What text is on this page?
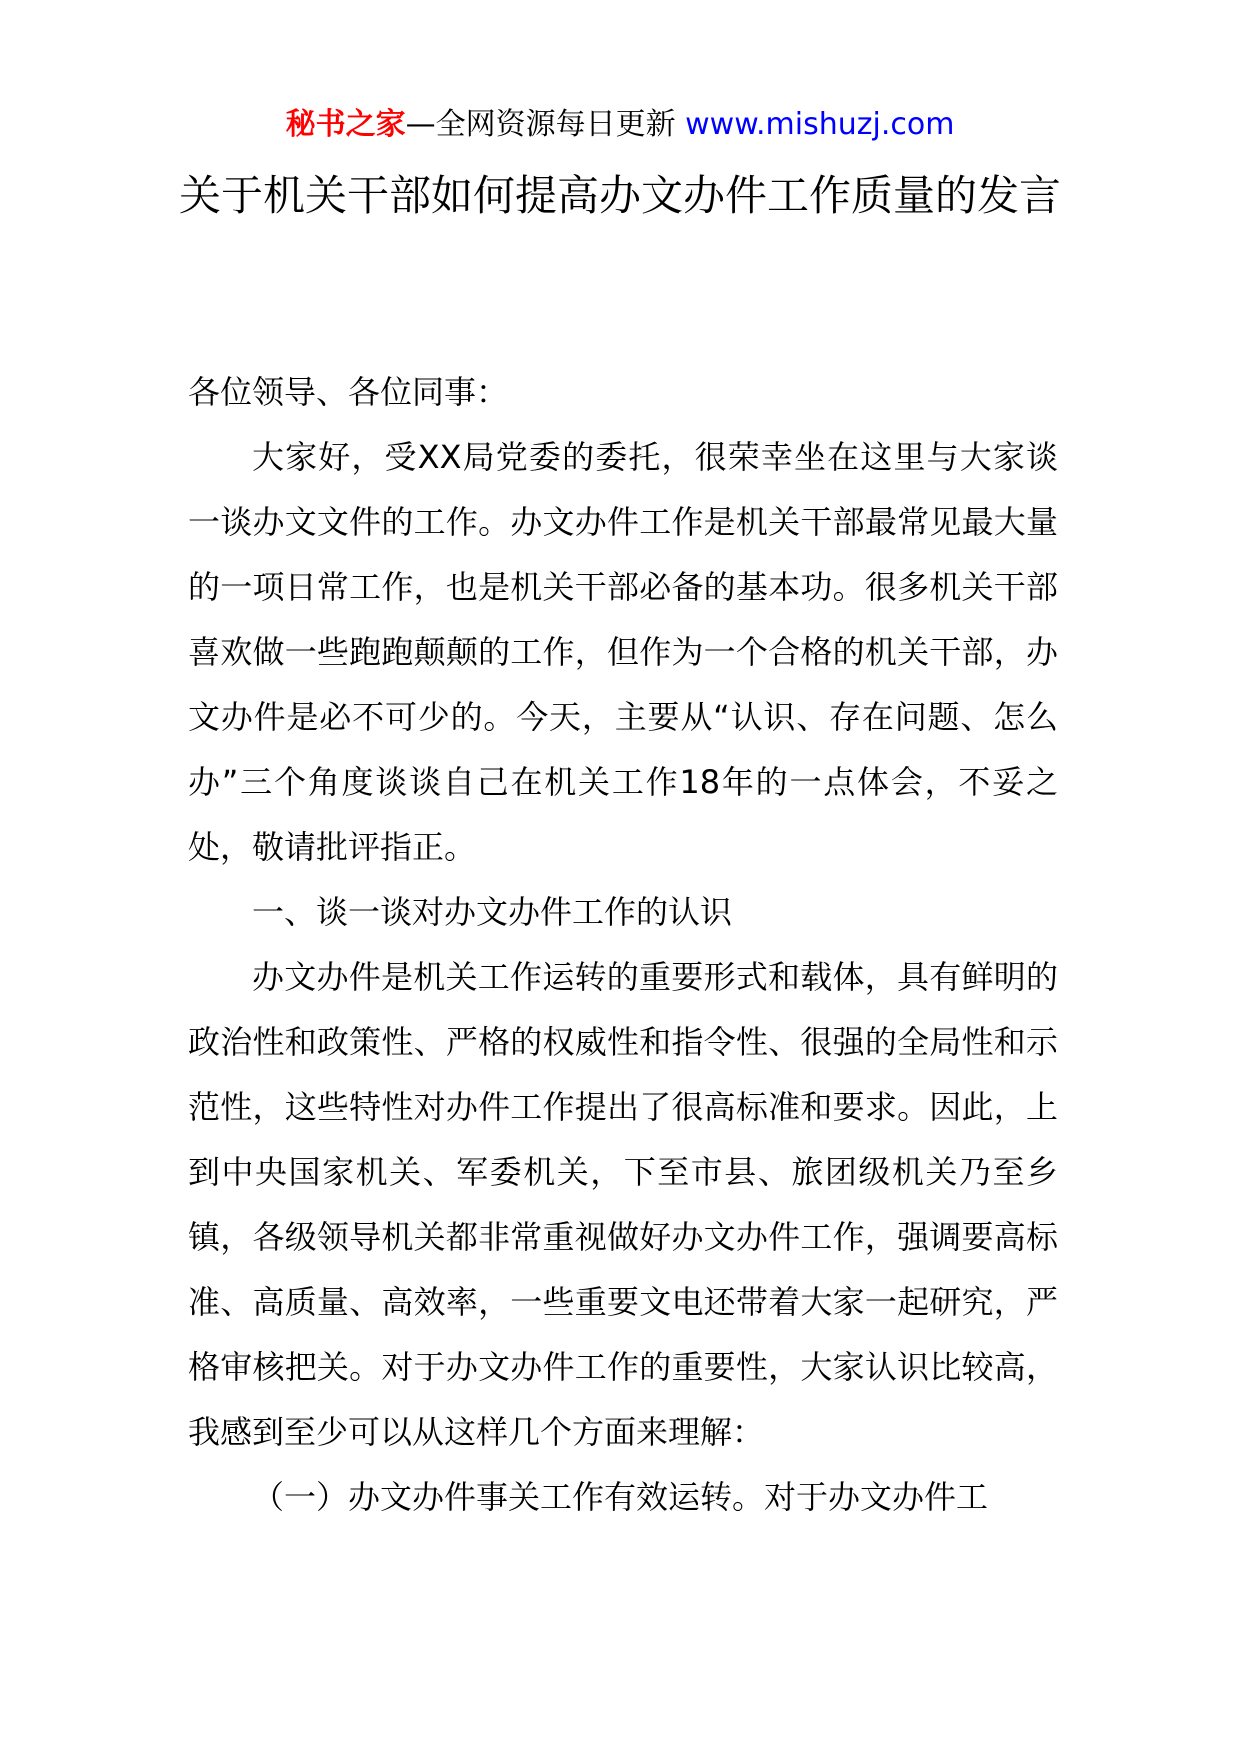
秘书之家—全网资源每日更新 www.mishuzj.com
关于机关干部如何提高办文办件工作质量的发言

各位领导、各位同事：

大家好，受XX局党委的委托，很荣幸坐在这里与大家谈一谈办文文件的工作。办文办件工作是机关干部最常见最大量的一项日常工作，也是机关干部必备的基本功。很多机关干部喜欢做一些跑跑颠颠的工作，但作为一个合格的机关干部，办文办件是必不可少的。今天，主要从“认识、存在问题、怎么办”三个角度谈谈自己在机关工作18年的一点体会，不妥之处，敬请批评指正。

一、谈一谈对办文办件工作的认识

办文办件是机关工作运转的重要形式和载体，具有鲜明的政治性和政策性、严格的权威性和指令性、很强的全局性和示范性，这些特性对办件工作提出了很高标准和要求。因此，上到中央国家机关、军委机关，下至市县、旅团级机关乃至乡镇，各级领导机关都非常重视做好办文办件工作，强调要高标准、高质量、高效率，一些重要文电还带着大家一起研究，严格审核把关。对于办文办件工作的重要性，大家认识比较高，我感到至少可以从这样几个方面来理解：

（一）办文办件事关工作有效运转。对于办文办件工
